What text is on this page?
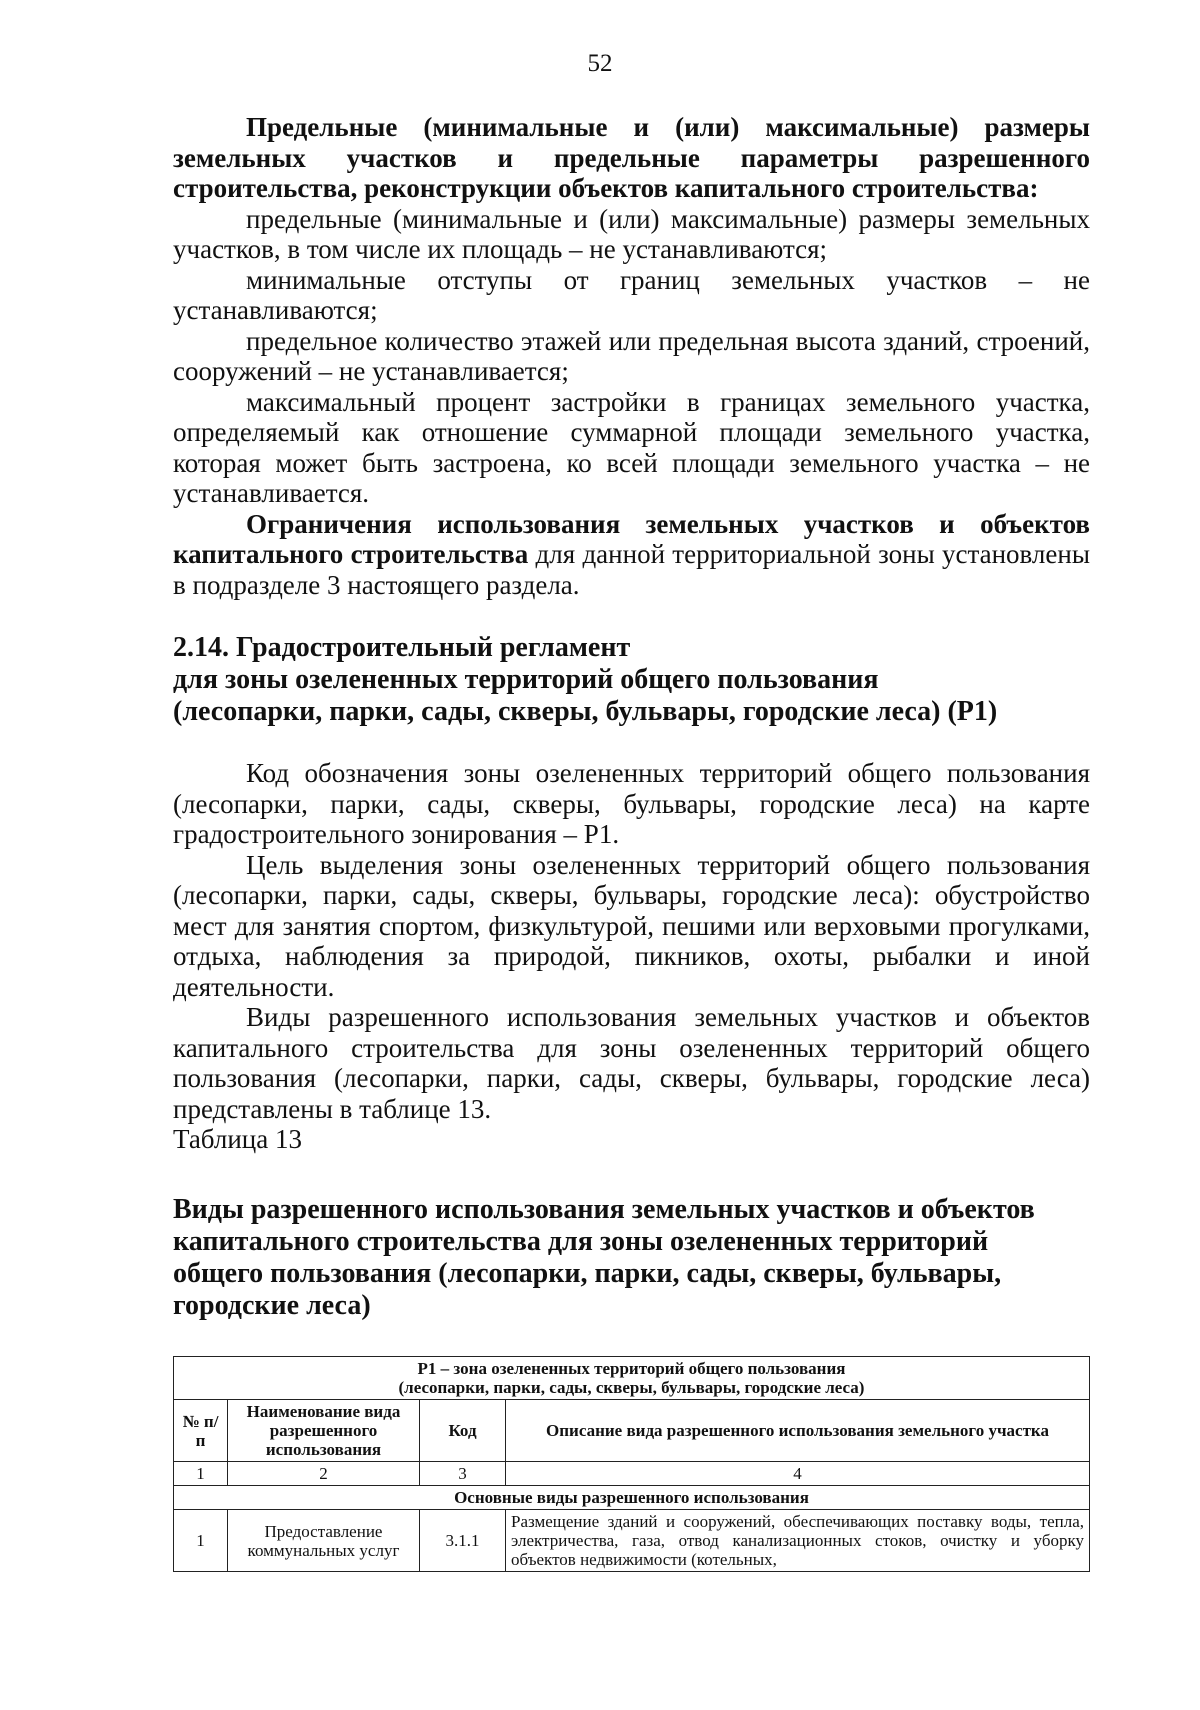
52

Предельные (минимальные и (или) максимальные) размеры земельных участков и предельные параметры разрешенного строительства, реконструкции объектов капитального строительства:

предельные (минимальные и (или) максимальные) размеры земельных участков, в том числе их площадь – не устанавливаются;

минимальные отступы от границ земельных участков – не устанавливаются;

предельное количество этажей или предельная высота зданий, строений, сооружений – не устанавливается;

максимальный процент застройки в границах земельного участка, определяемый как отношение суммарной площади земельного участка, которая может быть застроена, ко всей площади земельного участка – не устанавливается.

Ограничения использования земельных участков и объектов капитального строительства для данной территориальной зоны установлены в подразделе 3 настоящего раздела.

2.14. Градостроительный регламент

для зоны озелененных территорий общего пользования

(лесопарки, парки, сады, скверы, бульвары, городские леса) (Р1)

Код обозначения зоны озелененных территорий общего пользования (лесопарки, парки, сады, скверы, бульвары, городские леса) на карте градостроительного зонирования – Р1.

Цель выделения зоны озелененных территорий общего пользования (лесопарки, парки, сады, скверы, бульвары, городские леса): обустройство мест для занятия спортом, физкультурой, пешими или верховыми прогулками, отдыха, наблюдения за природой, пикников, охоты, рыбалки и иной деятельности.

Виды разрешенного использования земельных участков и объектов капитального строительства для зоны озелененных территорий общего пользования (лесопарки, парки, сады, скверы, бульвары, городские леса) представлены в таблице 13.

Таблица 13

Виды разрешенного использования земельных участков и объектов

капитального строительства для зоны озелененных территорий

общего пользования (лесопарки, парки, сады, скверы, бульвары,

городские леса)

Р1 – зона озелененных территорий общего пользования
(лесопарки, парки, сады, скверы, бульвары, городские леса)			

№ п/п	Наименование вида разрешенного использования	Код	Описание вида разрешенного использования земельного участка
1	2	3	4
Основные виды разрешенного использования			
1	Предоставление коммунальных услуг	3.1.1	Размещение зданий и сооружений, обеспечивающих поставку воды, тепла, электричества, газа, отвод канализационных стоков, очистку и уборку объектов недвижимости (котельных,
